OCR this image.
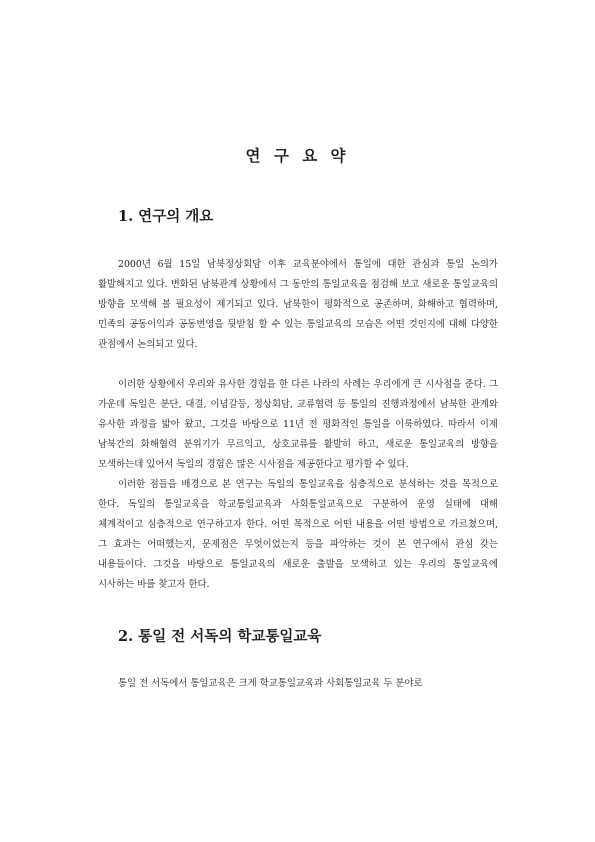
연 구 요 약
1. 연구의 개요

2000년 6월 15일 남북정상회담 이후 교육분야에서 통일에 대한 관심과 통일 논의가 활발해지고 있다. 변화된 남북관계 상황에서 그 동안의 통일교육을 점검해 보고 새로운 통일교육의 방향을 모색해 볼 필요성이 제기되고 있다. 남북한이 평화적으로 공존하며, 화해하고 협력하며, 민족의 공동이익과 공동번영을 뒷받침 할 수 있는 통일교육의 모습은 어떤 것인지에 대해 다양한 관점에서 논의되고 있다.

이러한 상황에서 우리와 유사한 경험을 한 다른 나라의 사례는 우리에게 큰 시사점을 준다. 그 가운데 독일은 분단, 대결, 이념갈등, 정상회담, 교류협력 등 통일의 진행과정에서 남북한 관계와 유사한 과정을 밟아 왔고, 그것을 바탕으로 11년 전 평화적인 통일을 이룩하였다. 따라서 이제 남북간의 화해협력 분위기가 무르익고, 상호교류를 활발히 하고, 새로운 통일교육의 방향을 모색하는데 있어서 독일의 경험은 많은 시사점을 제공한다고 평가할 수 있다.

이러한 점들을 배경으로 본 연구는 독일의 통일교육을 심층적으로 분석하는 것을 목적으로 한다. 독일의 통일교육을 학교통일교육과 사회통일교육으로 구분하여 운영 실태에 대해 체계적이고 심층적으로 연구하고자 한다. 어떤 목적으로 어떤 내용을 어떤 방법으로 가르쳤으며, 그 효과는 어떠했는지, 문제점은 무엇이었는지 등을 파악하는 것이 본 연구에서 관심 갖는 내용들이다. 그것을 바탕으로 통일교육의 새로운 출발을 모색하고 있는 우리의 통일교육에 시사하는 바를 찾고자 한다.

2. 통일 전 서독의 학교통일교육

통일 전 서독에서 통일교육은 크게 학교통일교육과 사회통일교육 두 분야로
